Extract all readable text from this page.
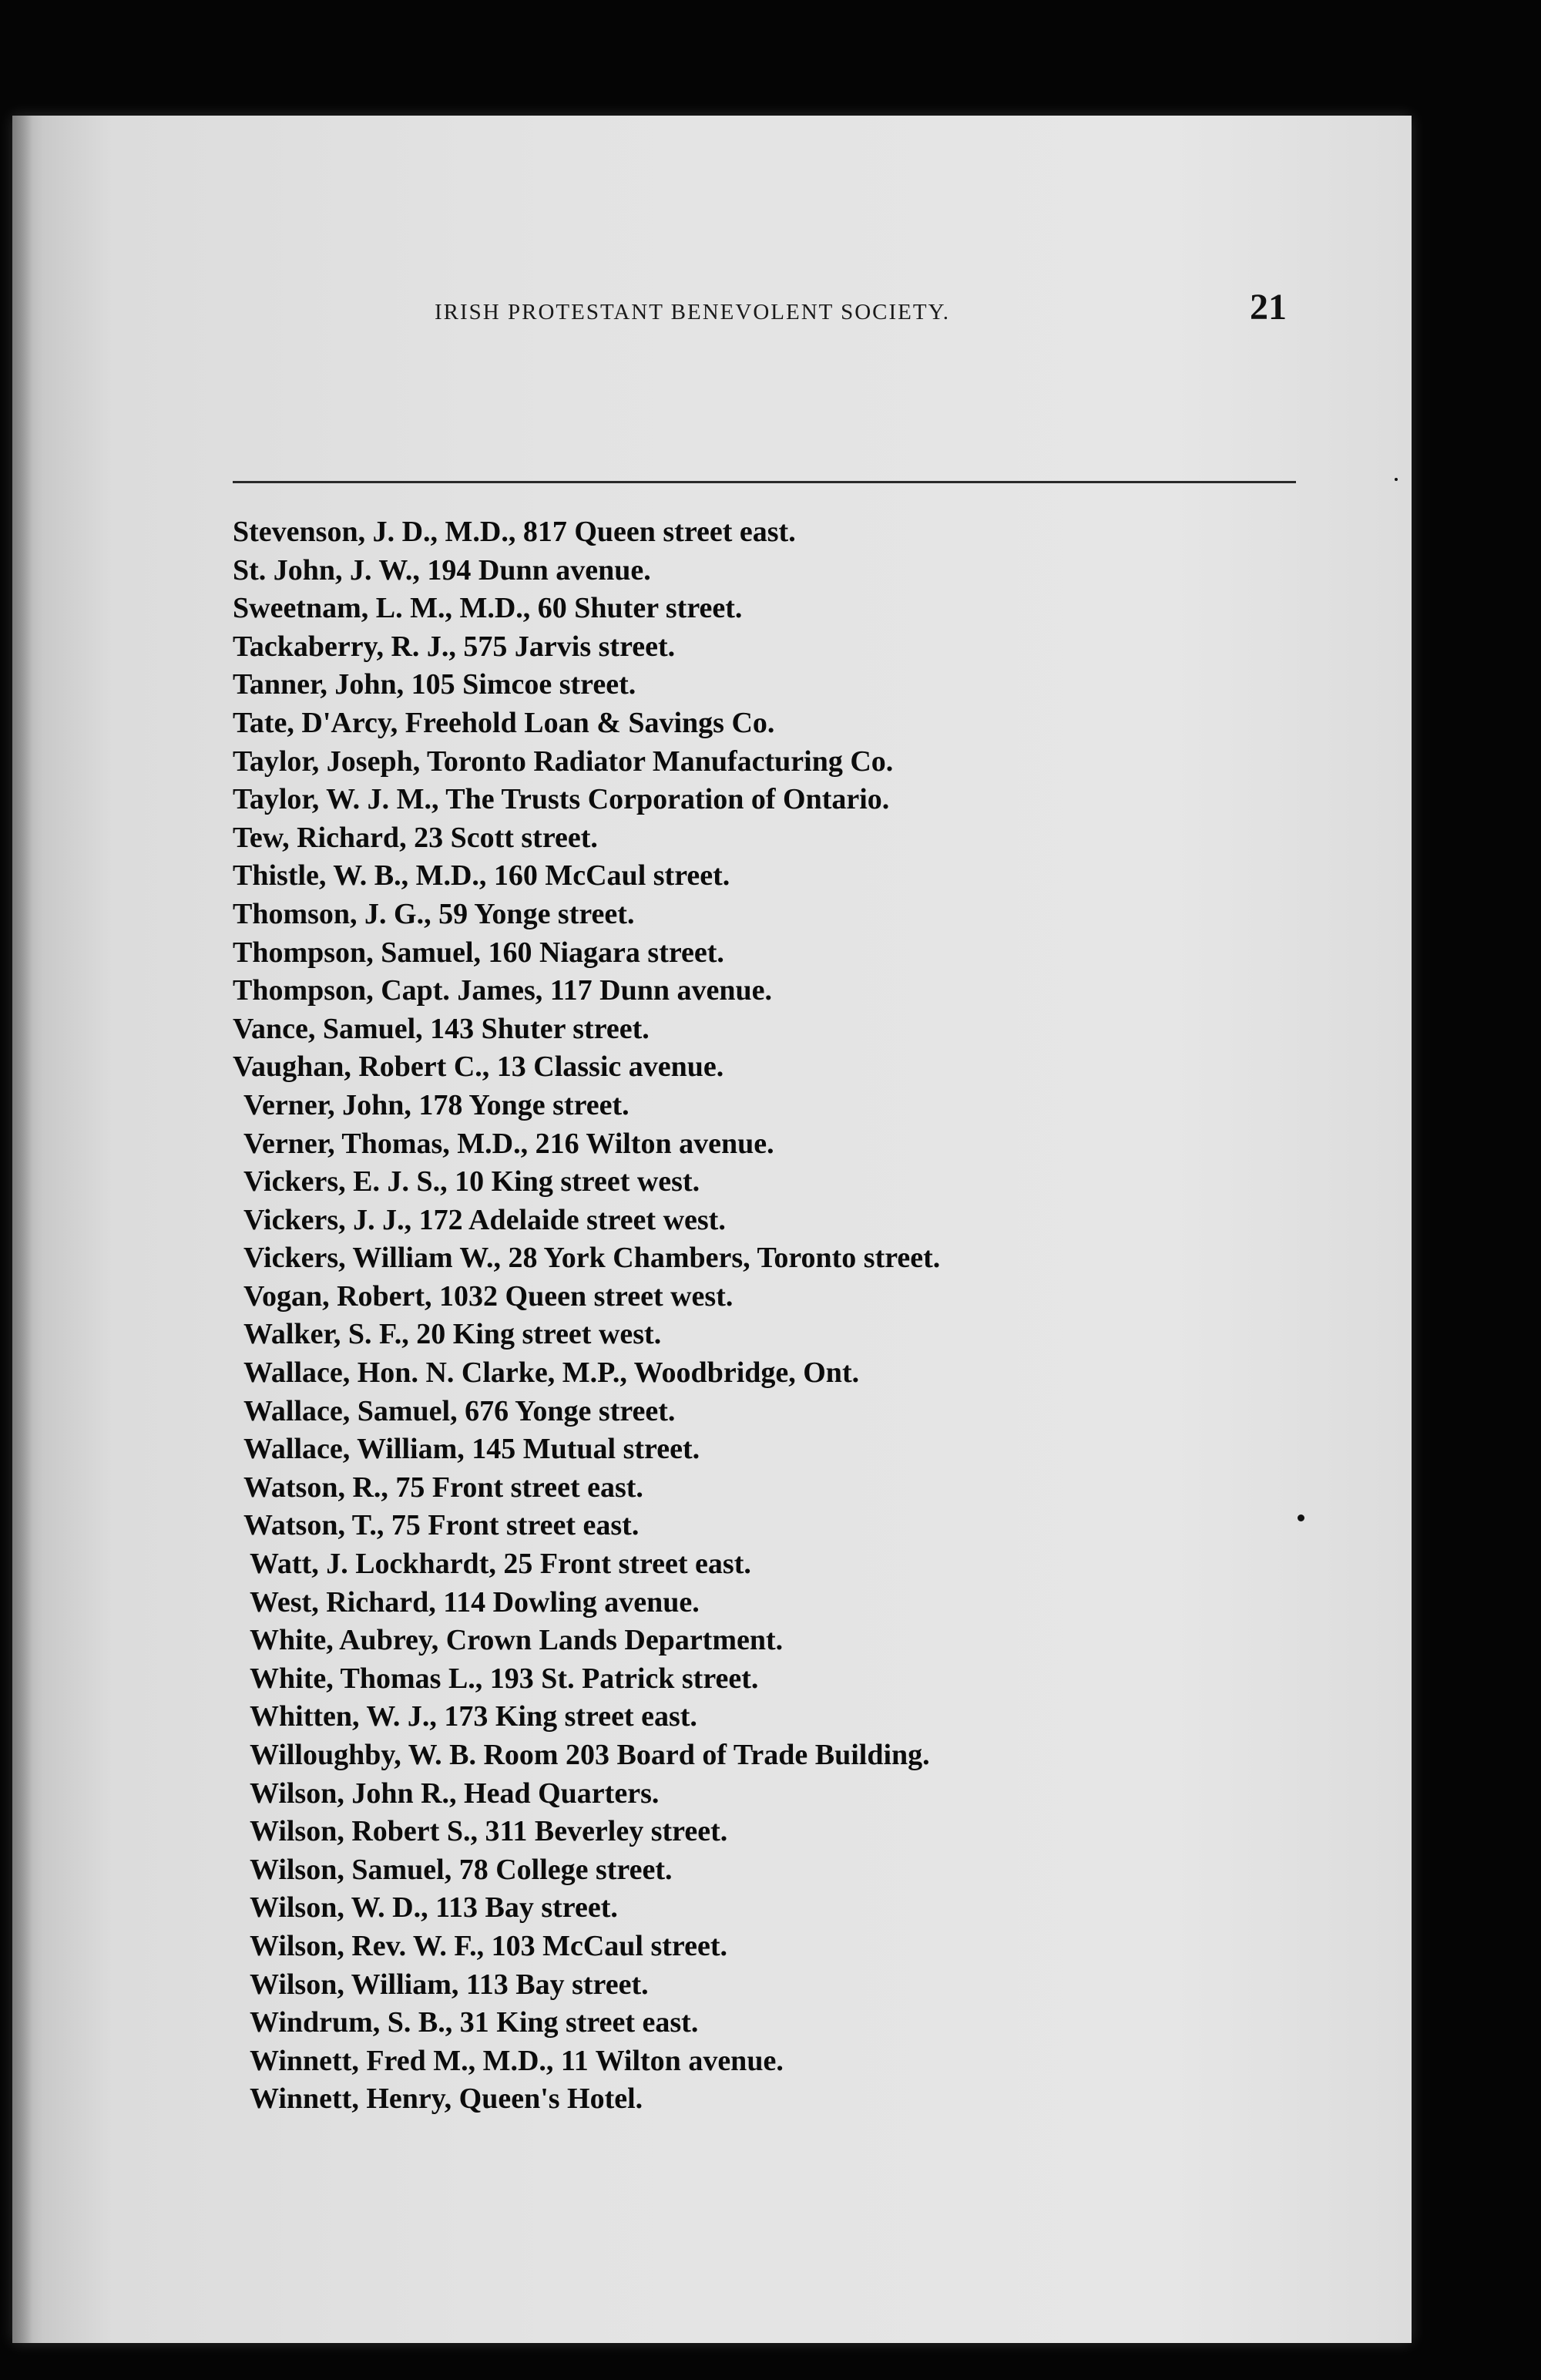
IRISH PROTESTANT BENEVOLENT SOCIETY.	21
Stevenson, J. D., M.D., 817 Queen street east.
St. John, J. W., 194 Dunn avenue.
Sweetnam, L. M., M.D., 60 Shuter street.
Tackaberry, R. J., 575 Jarvis street.
Tanner, John, 105 Simcoe street.
Tate, D'Arcy, Freehold Loan & Savings Co.
Taylor, Joseph, Toronto Radiator Manufacturing Co.
Taylor, W. J. M., The Trusts Corporation of Ontario.
Tew, Richard, 23 Scott street.
Thistle, W. B., M.D., 160 McCaul street.
Thomson, J. G., 59 Yonge street.
Thompson, Samuel, 160 Niagara street.
Thompson, Capt. James, 117 Dunn avenue.
Vance, Samuel, 143 Shuter street.
Vaughan, Robert C., 13 Classic avenue.
Verner, John, 178 Yonge street.
Verner, Thomas, M.D., 216 Wilton avenue.
Vickers, E. J. S., 10 King street west.
Vickers, J. J., 172 Adelaide street west.
Vickers, William W., 28 York Chambers, Toronto street.
Vogan, Robert, 1032 Queen street west.
Walker, S. F., 20 King street west.
Wallace, Hon. N. Clarke, M.P., Woodbridge, Ont.
Wallace, Samuel, 676 Yonge street.
Wallace, William, 145 Mutual street.
Watson, R., 75 Front street east.
Watson, T., 75 Front street east.
Watt, J. Lockhardt, 25 Front street east.
West, Richard, 114 Dowling avenue.
White, Aubrey, Crown Lands Department.
White, Thomas L., 193 St. Patrick street.
Whitten, W. J., 173 King street east.
Willoughby, W. B. Room 203 Board of Trade Building.
Wilson, John R., Head Quarters.
Wilson, Robert S., 311 Beverley street.
Wilson, Samuel, 78 College street.
Wilson, W. D., 113 Bay street.
Wilson, Rev. W. F., 103 McCaul street.
Wilson, William, 113 Bay street.
Windrum, S. B., 31 King street east.
Winnett, Fred M., M.D., 11 Wilton avenue.
Winnett, Henry, Queen's Hotel.
